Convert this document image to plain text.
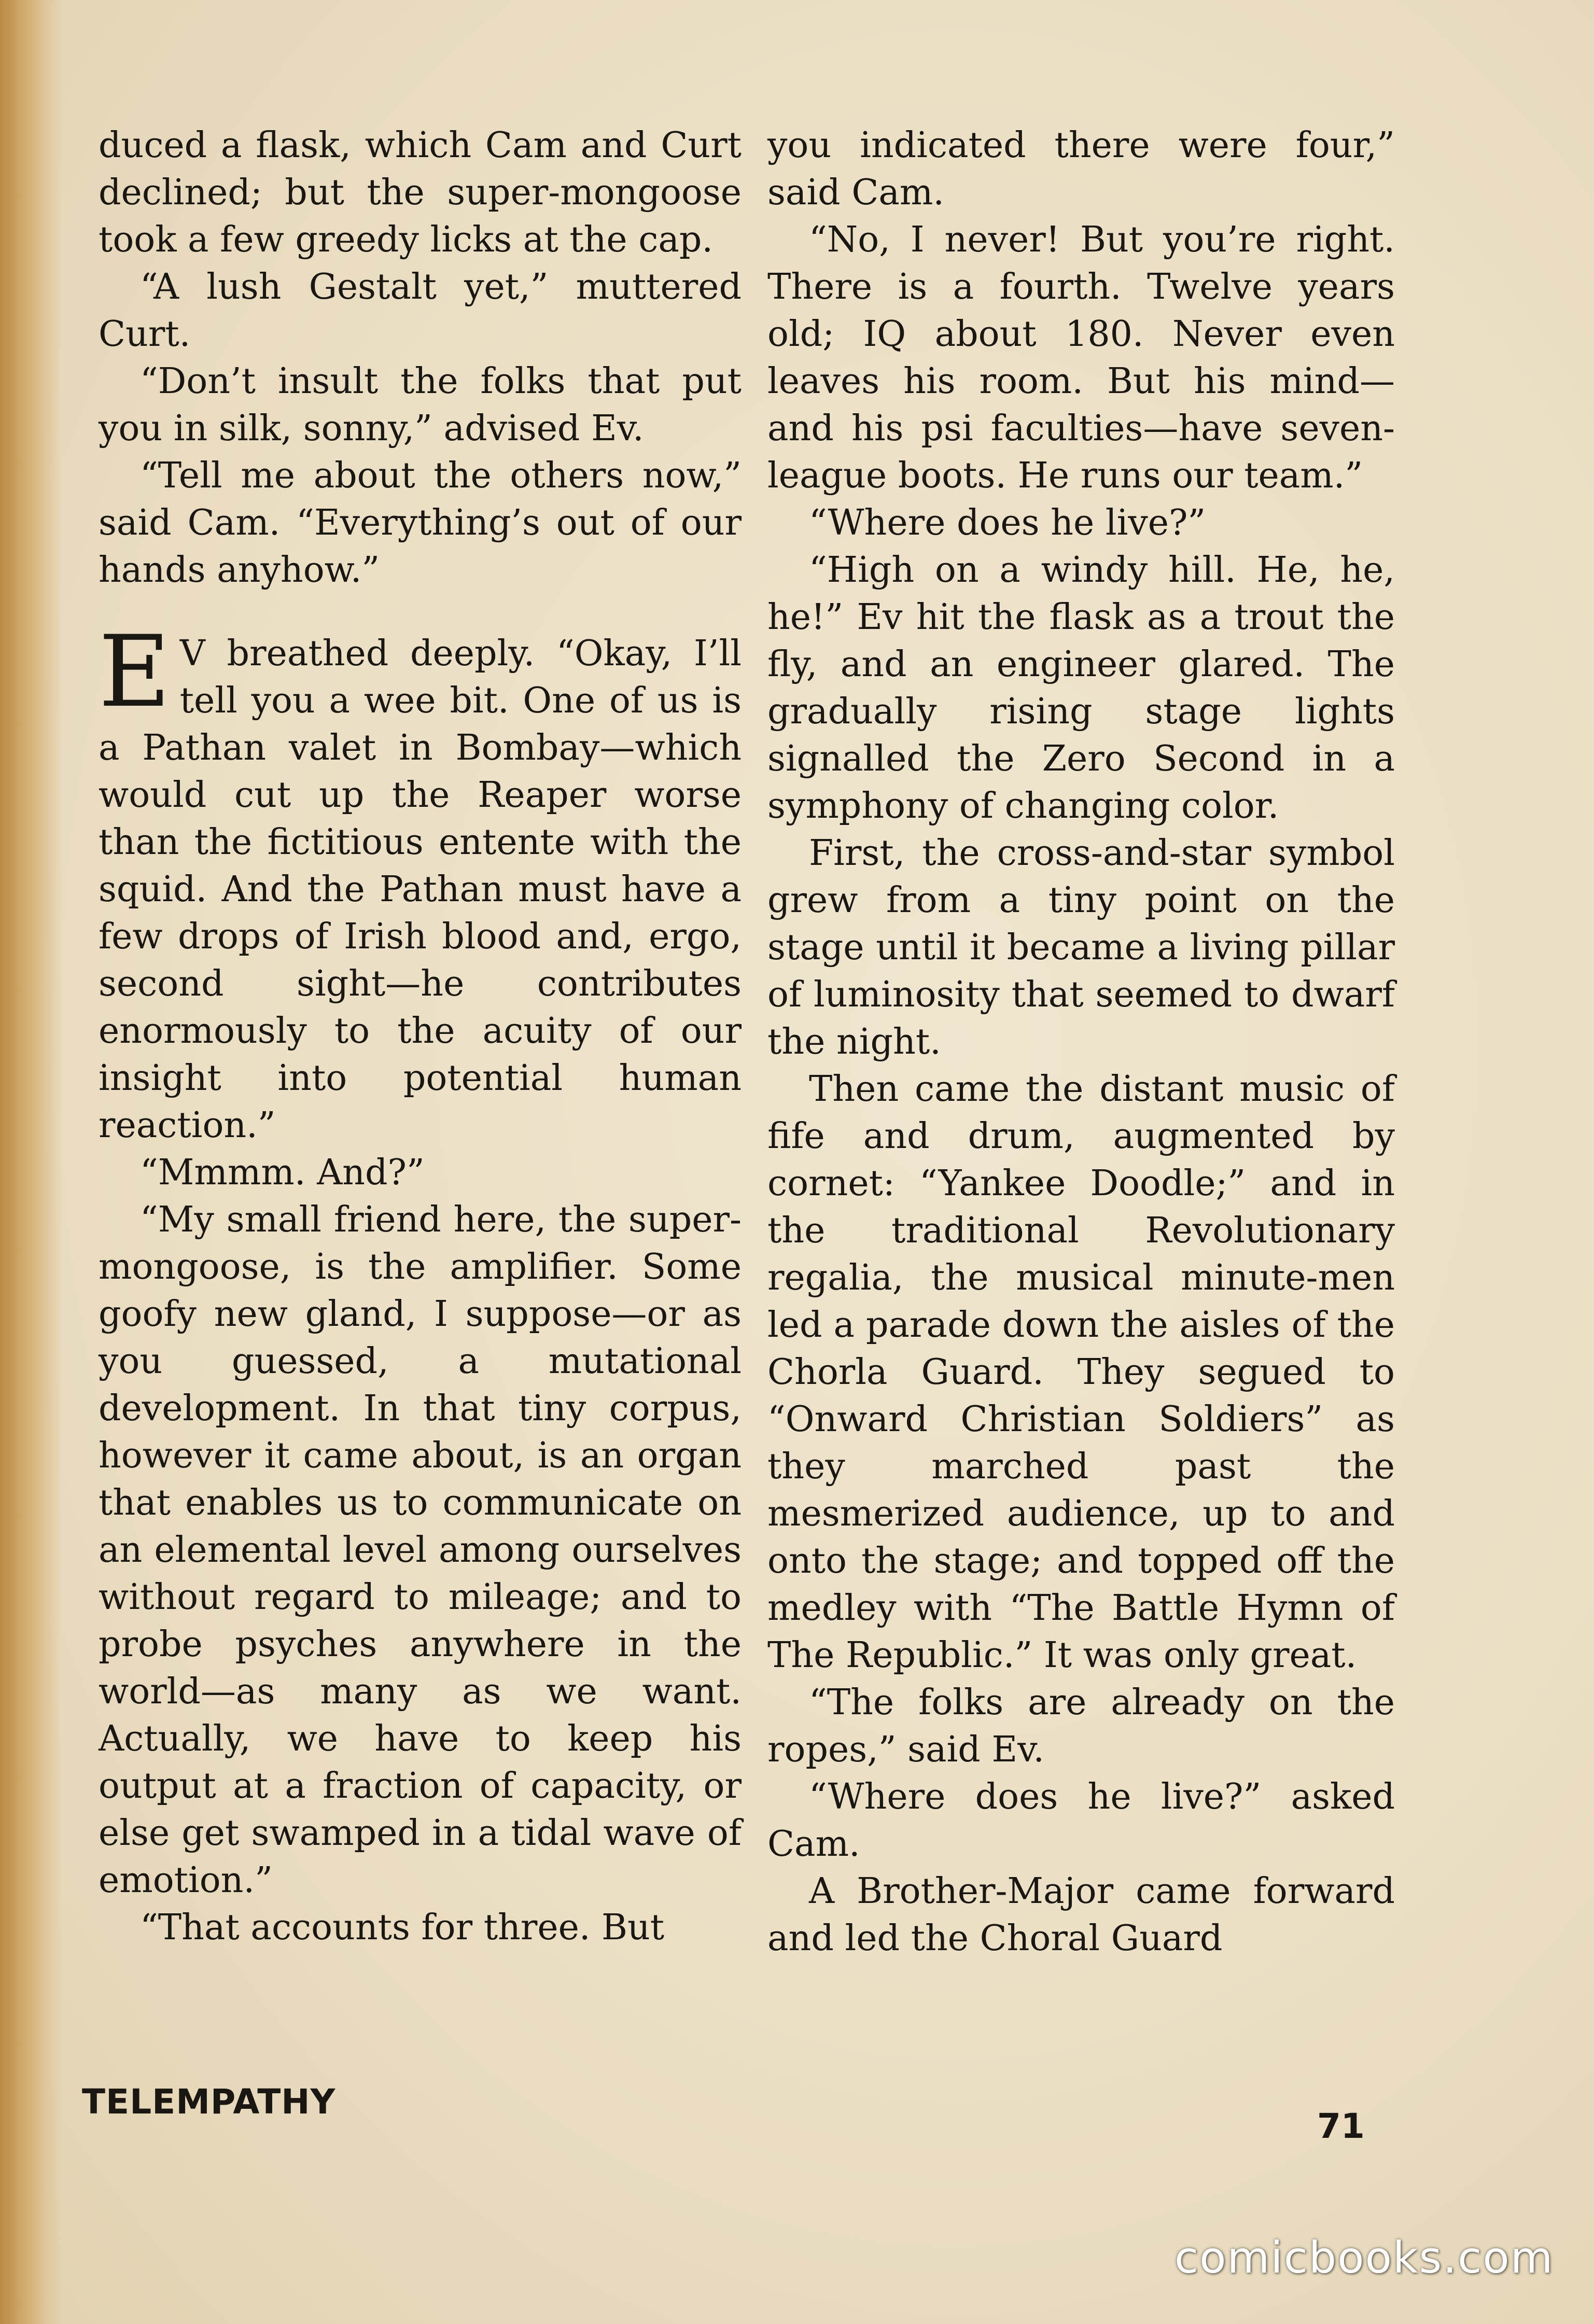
duced a flask, which Cam and Curt declined; but the super-mongoose took a few greedy licks at the cap.

“A lush Gestalt yet,” muttered Curt.

“Don’t insult the folks that put you in silk, sonny,” advised Ev.

“Tell me about the others now,” said Cam. “Everything’s out of our hands anyhow.”

E V breathed deeply. “Okay, I’ll tell you a wee bit. One of us is a Pathan valet in Bombay—which would cut up the Reaper worse than the fictitious entente with the squid. And the Pathan must have a few drops of Irish blood and, ergo, second sight—he contributes enormously to the acuity of our insight into potential human reaction.”

“Mmmm. And?”

“My small friend here, the super-mongoose, is the amplifier. Some goofy new gland, I suppose—or as you guessed, a mutational development. In that tiny corpus, however it came about, is an organ that enables us to communicate on an elemental level among ourselves without regard to mileage; and to probe psyches anywhere in the world—as many as we want. Actually, we have to keep his output at a fraction of capacity, or else get swamped in a tidal wave of emotion.”

“That accounts for three. But

you indicated there were four,” said Cam.

“No, I never! But you’re right. There is a fourth. Twelve years old; IQ about 180. Never even leaves his room. But his mind—and his psi faculties—have seven-league boots. He runs our team.”

“Where does he live?”

“High on a windy hill. He, he, he!” Ev hit the flask as a trout the fly, and an engineer glared. The gradually rising stage lights signalled the Zero Second in a symphony of changing color.

First, the cross-and-star symbol grew from a tiny point on the stage until it became a living pillar of luminosity that seemed to dwarf the night.

Then came the distant music of fife and drum, augmented by cornet: “Yankee Doodle;” and in the traditional Revolutionary regalia, the musical minute-men led a parade down the aisles of the Chorla Guard. They segued to “Onward Christian Soldiers” as they marched past the mesmerized audience, up to and onto the stage; and topped off the medley with “The Battle Hymn of The Republic.” It was only great.

“The folks are already on the ropes,” said Ev.

“Where does he live?” asked Cam.

A Brother-Major came forward and led the Choral Guard

TELEMPATHY
71
comicbooks.com
